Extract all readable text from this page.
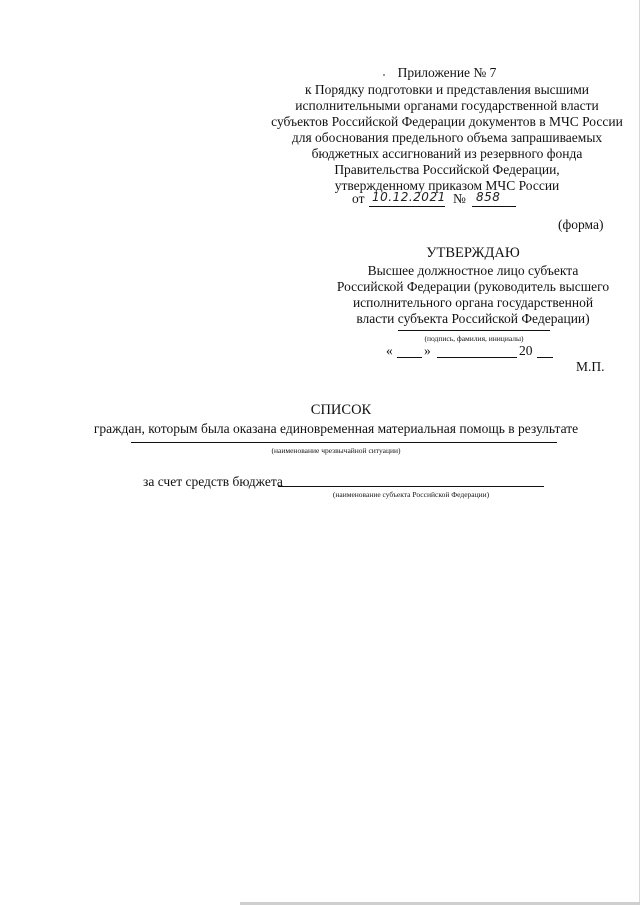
Приложение № 7
к Порядку подготовки и представления высшими
исполнительными органами государственной власти
субъектов Российской Федерации документов в МЧС России
для обоснования предельного объема запрашиваемых
бюджетных ассигнований из резервного фонда
Правительства Российской Федерации,
утвержденному приказом МЧС России
от 10.12.2021 № 858
(форма)
УТВЕРЖДАЮ
Высшее должностное лицо субъекта
Российской Федерации (руководитель высшего
исполнительного органа государственной
власти субъекта Российской Федерации)
(подпись, фамилия, инициалы)
« »	20
М.П.
СПИСОК
граждан, которым была оказана единовременная материальная помощь в результате
(наименование чрезвычайной ситуации)
за счет средств бюджета
(наименование субъекта Российской Федерации)
